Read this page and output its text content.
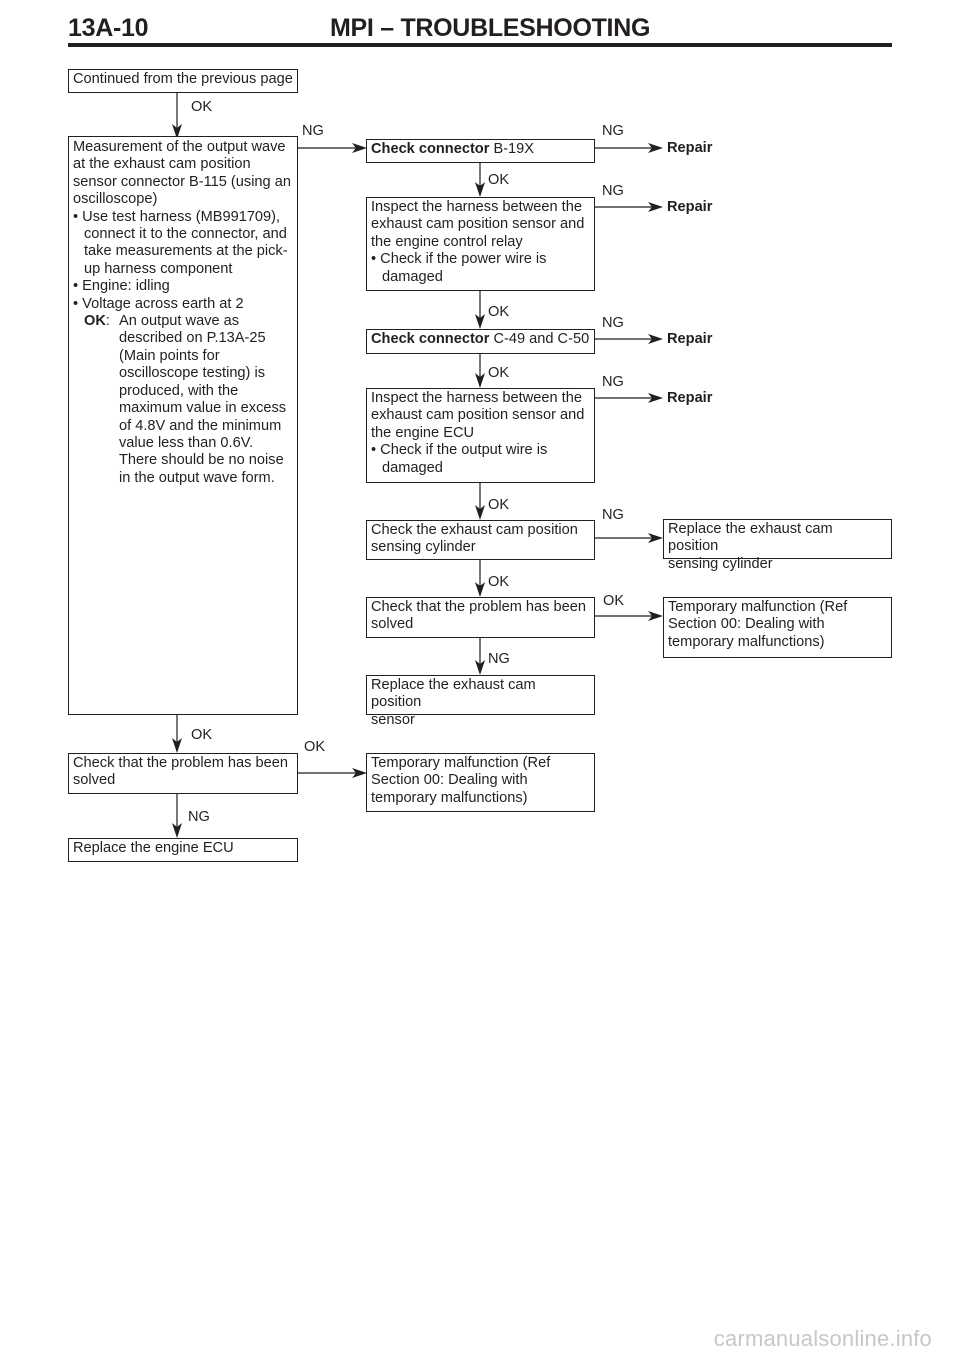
13A-10	MPI – TROUBLESHOOTING
Continued from the previous page
Measurement of the output wave
at the exhaust cam position
sensor connector B-115 (using an
oscilloscope)
• Use test harness (MB991709),
connect it to the connector, and
take measurements at the pick-
up harness component
• Engine: idling
• Voltage across earth at 2
OK: An output wave as
described on P.13A-25
(Main points for
oscilloscope testing) is
produced, with the
maximum value in excess
of 4.8V and the minimum
value less than 0.6V.
There should be no noise
in the output wave form.
Check that the problem has been
solved
Replace the engine ECU
Check connector B-19X
Inspect the harness between the
exhaust cam position sensor and
the engine control relay
• Check if the power wire is
damaged
Check connector C-49 and C-50
Inspect the harness between the
exhaust cam position sensor and
the engine ECU
• Check if the output wire is
damaged
Check the exhaust cam position
sensing cylinder
Check that the problem has been
solved
Replace the exhaust cam position
sensor
Temporary malfunction (Ref
Section 00: Dealing with
temporary malfunctions)
Repair
Repair
Repair
Repair
Replace the exhaust cam position
sensing cylinder
Temporary malfunction (Ref
Section 00: Dealing with
temporary malfunctions)
OK
NG	NG
OK
NG
OK
NG
OK
NG
OK
NG
OK
OK
NG
OK
OK
NG
carmanualsonline.info
